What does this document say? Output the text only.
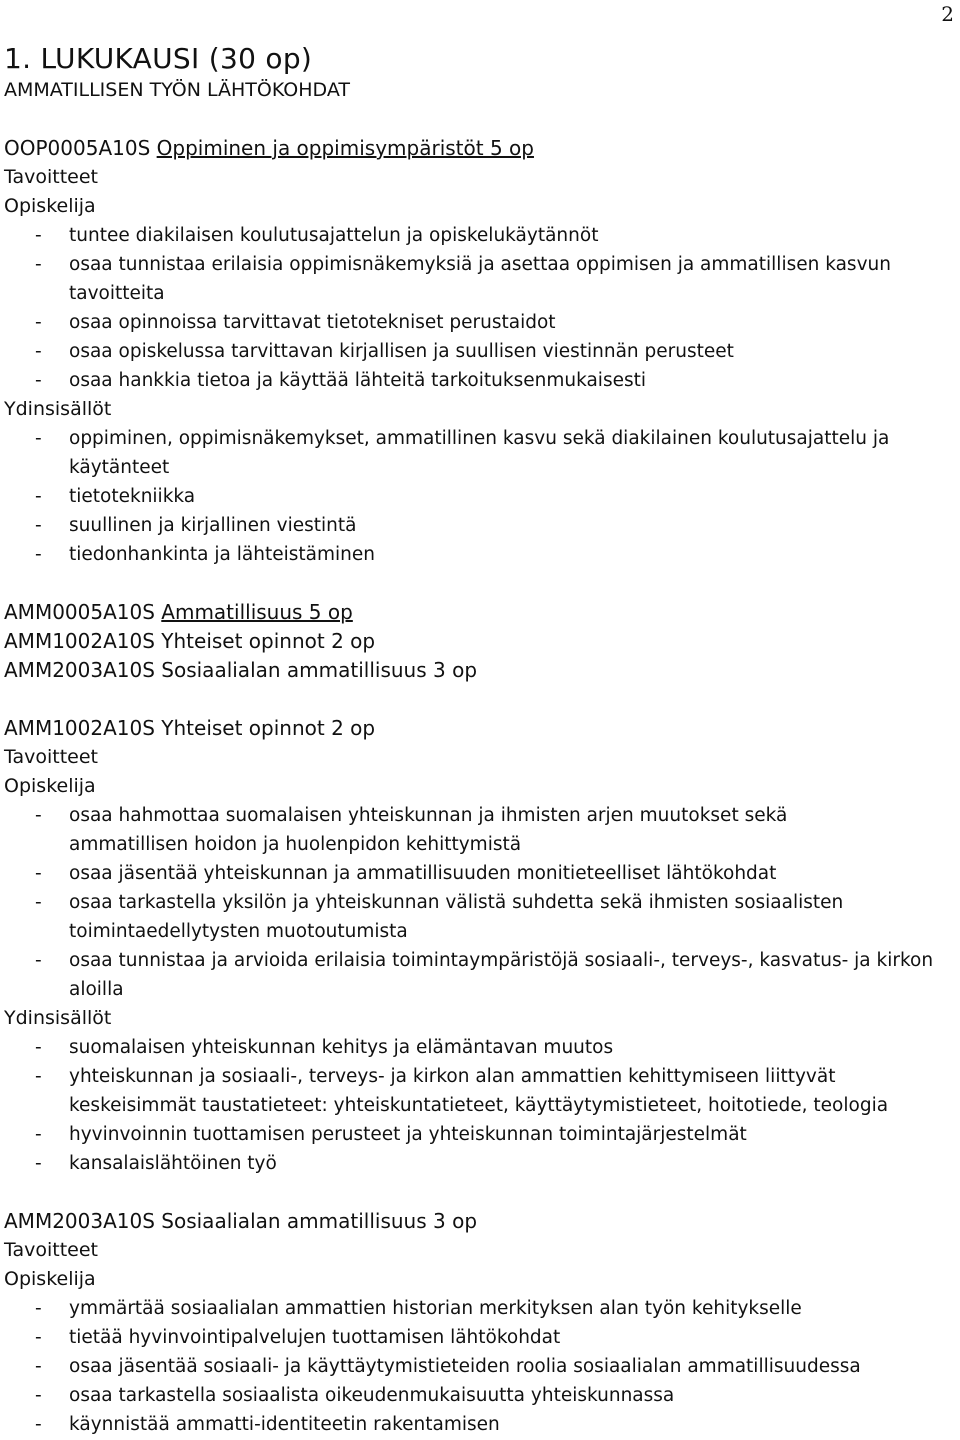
2
1. LUKUKAUSI (30 op)
AMMATILLISEN TYÖN LÄHTÖKOHDAT
OOP0005A10S Oppiminen ja oppimisympäristöt 5 op
Tavoitteet
Opiskelija
-	tuntee diakilaisen koulutusajattelun ja opiskelukäytännöt
-	osaa tunnistaa erilaisia oppimisnäkemyksiä ja asettaa oppimisen ja ammatillisen kasvun tavoitteita
-	osaa opinnoissa tarvittavat tietotekniset perustaidot
-	osaa opiskelussa tarvittavan kirjallisen ja suullisen viestinnän perusteet
-	osaa hankkia tietoa ja käyttää lähteitä tarkoituksenmukaisesti
Ydinsisällöt
-	oppiminen, oppimisnäkemykset, ammatillinen kasvu sekä diakilainen koulutusajattelu ja käytänteet
-	tietotekniikka
-	suullinen ja kirjallinen viestintä
-	tiedonhankinta ja lähteistäminen
AMM0005A10S Ammatillisuus 5 op
AMM1002A10S Yhteiset opinnot 2 op
AMM2003A10S Sosiaalialan ammatillisuus 3 op
AMM1002A10S Yhteiset opinnot 2 op
Tavoitteet
Opiskelija
-	osaa hahmottaa suomalaisen yhteiskunnan ja ihmisten arjen muutokset sekä ammatillisen hoidon ja huolenpidon kehittymistä
-	osaa jäsentää yhteiskunnan ja ammatillisuuden monitieteelliset lähtökohdat
-	osaa tarkastella yksilön ja yhteiskunnan välistä suhdetta sekä ihmisten sosiaalisten toimintaedellytysten muotoutumista
-	osaa tunnistaa ja arvioida erilaisia toimintaympäristöjä sosiaali-, terveys-, kasvatus- ja kirkon aloilla
Ydinsisällöt
-	suomalaisen yhteiskunnan kehitys ja elämäntavan muutos
-	yhteiskunnan ja sosiaali-, terveys- ja kirkon alan ammattien kehittymiseen liittyvät keskeisimmät taustatieteet: yhteiskuntatieteet, käyttäytymistieteet, hoitotiede, teologia
-	hyvinvoinnin tuottamisen perusteet ja yhteiskunnan toimintajärjestelmät
-	kansalaislähtöinen työ
AMM2003A10S Sosiaalialan ammatillisuus 3 op
Tavoitteet
Opiskelija
-	ymmärtää sosiaalialan ammattien historian merkityksen alan työn kehitykselle
-	tietää hyvinvointipalvelujen tuottamisen lähtökohdat
-	osaa jäsentää sosiaali- ja käyttäytymistieteiden roolia sosiaalialan ammatillisuudessa
-	osaa tarkastella sosiaalista oikeudenmukaisuutta yhteiskunnassa
-	käynnistää ammatti-identiteetin rakentamisen
